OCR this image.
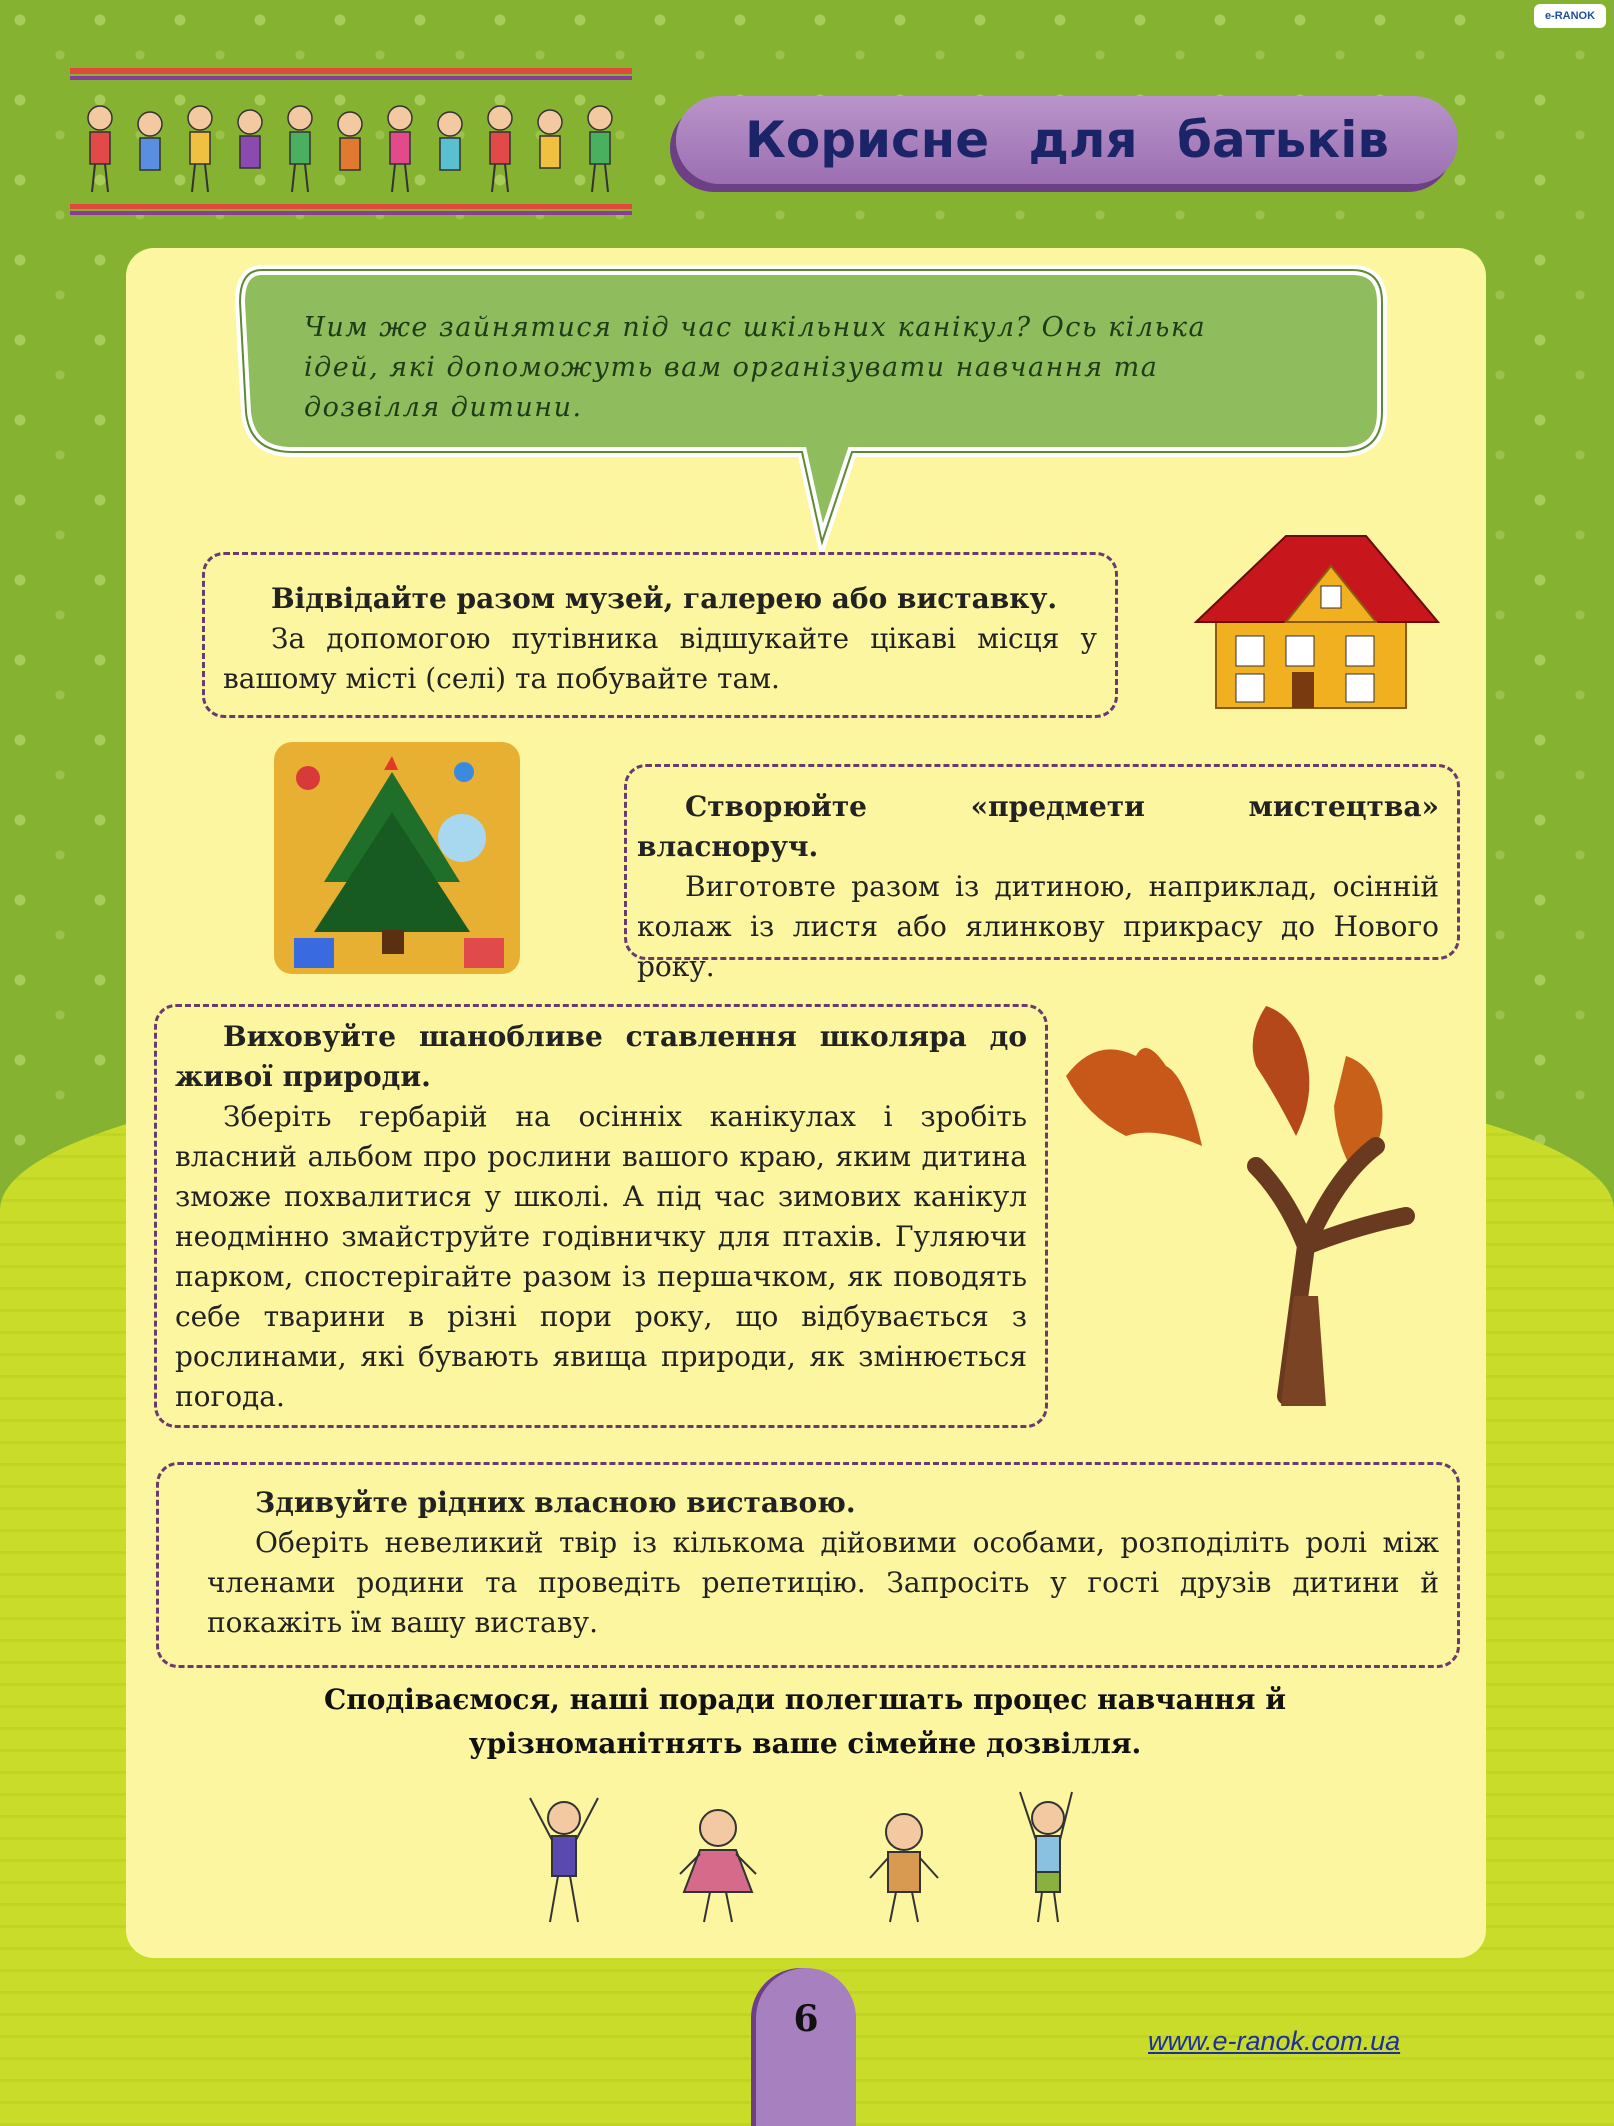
e-RANOK
Корисне для батьків
Чим же зайнятися під час шкільних канікул? Ось кілька ідей, які допоможуть вам організувати навчання та дозвілля дитини.

Відвідайте разом музей, галерею або виставку.

За допомогою путівника відшукайте цікаві місця у вашому місті (селі) та побувайте там.

Створюйте «предмети мистецтва» власноруч.

Виготовте разом із дитиною, наприклад, осінній колаж із листя або ялинкову прикрасу до Нового року.

Виховуйте шанобливе ставлення школяра до живої природи.

Зберіть гербарій на осінніх канікулах і зробіть власний альбом про рослини вашого краю, яким дитина зможе похвалитися у школі. А під час зимових канікул неодмінно змайструйте годівничку для птахів. Гуляючи парком, спостерігайте разом із першачком, як поводять себе тварини в різні пори року, що відбувається з рослинами, які бувають явища природи, як змінюється погода.

Здивуйте рідних власною виставою.

Оберіть невеликий твір із кількома дійовими особами, розподіліть ролі між членами родини та проведіть репетицію. Запросіть у гості друзів дитини й покажіть їм вашу виставу.

Сподіваємося, наші поради полегшать процес навчання й урізноманітнять ваше сімейне дозвілля.
6
www.e-ranok.com.ua
